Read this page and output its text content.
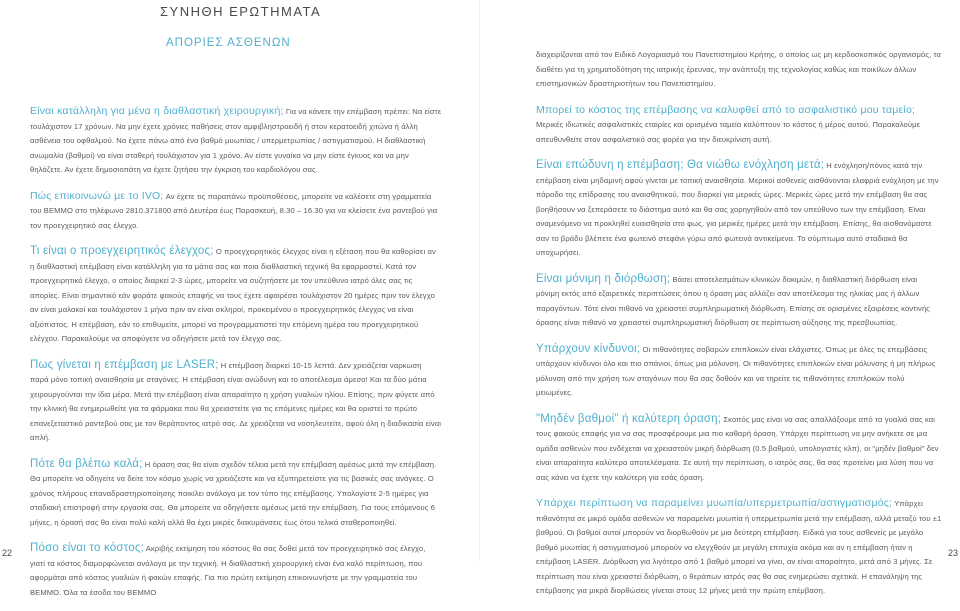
ΣΥΝΗΘΗ ΕΡΩΤΗΜΑΤΑ
ΑΠΟΡΙΕΣ ΑΣΘΕΝΩΝ

Είναι κατάλληλη για μένα η διαθλαστική χειρουργική; Για να κάνετε την επέμβαση πρέπει: Να είστε τουλάχιστον 17 χρόνων. Να μην έχετε χρόνιες παθήσεις στον αμφιβληστροειδή ή στον κερατοειδή χιτώνα ή άλλη ασθένεια του οφθαλμού. Να έχετε πάνω από ένα βαθμό μυωπίας / υπερμετρωπίας / αστιγματισμού. Η διαθλαστική ανωμαλία (βαθμοί) να είναι σταθερή τουλάχιστον για 1 χρόνο. Αν είστε γυναίκα να μην είστε έγκυος και να μην θηλάζετε. Αν έχετε δημοσιοπάτη να έχετε ζητήσει την έγκριση του καρδιολόγου σας.

Πώς επικοινωνώ με το IVO; Αν έχετε τις παραπάνω προϋποθέσεις, μπορείτε να καλέσετε στη γραμματεία του ΒΕΜΜΟ στο τηλέφωνο 2810.371800 από Δευτέρα έως Παρασκευή, 8.30 – 16.30 για να κλείσετε ένα ραντεβού για τον προεγχειρητικό σας έλεγχο.

Τι είναι ο προεγχειρητικός έλεγχος; Ο προεγχειρητικός έλεγχος είναι η εξέταση που θα καθορίσει αν η διαθλαστική επέμβαση είναι κατάλληλη για τα μάτια σας και ποια διαθλαστική τεχνική θα εφαρμοστεί. Κατά τον προεγχειρητικό έλεγχο, ο οποίος διαρκεί 2-3 ώρες, μπορείτε να συζητήσετε με τον υπεύθυνο ιατρό όλες σας τις απορίες. Είναι σημαντικό εάν φοράτε φακούς επαφής να τους έχετε αφαιρέσει τουλάχιστον 20 ημέρες πριν τον έλεγχο αν είναι μαλακοί και τουλάχιστον 1 μήνα πριν αν είναι σκληροί, προκειμένου ο προεγχειρητικός έλεγχος να είναι αξιόπιστος. Η επέμβαση, εάν το επιθυμείτε, μπορεί να προγραμματιστεί την επόμενη ημέρα του προεγχειρητικού ελέγχου. Παρακαλούμε να αποφύγετε να οδηγήσετε μετά τον έλεγχο σας.

Πως γίνεται η επέμβαση με LASER; Η επέμβαση διαρκεί 10-15 λεπτά. Δεν χρειάζεται ναρκωση παρά μόνο τοπική αναισθησία με σταγόνες. Η επέμβαση είναι ανώδυνη και το αποτέλεσμα άμεσο! Και τα δύο μάτια χειρουργούνται την ίδια μέρα. Μετά την επέμβαση είναι απαραίτητο η χρήση γυαλιών ηλίου. Επίσης, πριν φύγετε από την κλινική θα ενημερωθείτε για τα φάρμακα που θα χρειαστείτε για τις επόμενες ημέρες και θα οριστεί το πρώτο επανεξεταστικό ραντεβού σας με τον θεράποντος ιατρό σας. Δε χρειάζεται να νοσηλευτείτε, αφού όλη η διαδικασία είναι απλή.

Πότε θα βλέπω καλά; Η όραση σας θα είναι σχεδόν τέλεια μετά την επέμβαση αμέσως μετά την επέμβαση. Θα μπορείτε να οδηγείτε να δείτε τον κόσμο χωρίς να χρειάζεστε και να εξυπηρετείστε για τις βασικές σας ανάγκες. Ο χρόνος πλήρους επαναδραστηριοποίησης ποικίλει ανάλογα με τον τύπο της επέμβασης. Υπολογίστε 2-5 ημέρες για σταδιακή επιστροφή στην εργασία σας. Θα μπορείτε να οδηγήσετε αμέσως μετά την επέμβαση. Για τους επόμενους 6 μήνες, η όρασή σας θα είναι πολύ καλή αλλά θα έχει μικρές διακυμάνσεις έως ότου τελικά σταθεροποιηθεί.

Πόσο είναι το κόστος; Ακριβής εκτίμηση του κόστους θα σας δοθεί μετά τον προεγχειρητικό σας έλεγχο, γιατί τα κόστος διαμορφώνεται ανάλογα με την τεχνική. Η διαθλαστική χειρουργική είναι ένα καλό περίπτωση, που αφορμάται από κόστος γυαλιών ή φακών επαφής. Για πιο πρώτη εκτίμηση επικοινωνήστε με την γραμματεία του ΒΕΜΜΟ. Όλα τα έσοδα του ΒΕΜΜΟ

22

διαχειρίζονται από τον Ειδικό Λογαριασμό του Πανεπιστημίου Κρήτης, ο οποίος ως μη κερδοσκοπικός οργανισμός, τα διαθέτει για τη χρηματοδότηση της ιατρικής έρευνας, την ανάπτυξη της τεχνολογίας καθώς και ποικίλων άλλων επιστημονικών δραστηριοτήτων του Πανεπιστημίου.

Μπορεί το κόστος της επέμβασης να καλυφθεί από το ασφαλιστικό μου ταμείο; Μερικές ιδιωτικές ασφαλιστικές εταιρίες και ορισμένα ταμεία καλύπτουν το κόστος ή μέρος αυτού. Παρακαλούμε απευθυνθείτε στον ασφαλιστικό σας φορέα για την διευκρίνιση αυτή.

Είναι επώδυνη η επέμβαση; Θα νιώθω ενόχληση μετά; Η ενόχληση/πόνος κατά την επέμβαση είναι μηδαμινή αφού γίνεται με τοπική αναισθησία. Μερικοί ασθενείς αισθάνονται ελαφριά ενόχληση με την πάροδο της επίδρασης του αναισθητικού, που διαρκεί για μερικές ώρες. Μερικές ώρες μετά την επέμβαση θα σας βοηθήσουν να ξεπεράσετε το διάστημα αυτό και θα σας χορηγηθούν από τον υπεύθυνο των την επέμβαση. Είναι αναμενόμενο να προκληθεί ευαισθησία στο φως, για μερικές ημέρες μετά την επέμβαση. Επίσης, θα αισθανόμαστε σαν το βράδυ βλέπετε ένα φωτεινό στεφάνι γύρω από φωτεινά αντικείμενα. Το σύμπτωμα αυτό σταδιακά θα υποχωρήσει.

Είναι μόνιμη η διόρθωση; Βάσει αποτελεσμάτων κλινικών δοκιμών, η διαθλαστική διόρθωση είναι μόνιμη εκτός από εξαιρετικές περιπτώσεις όπου η όραση μας αλλάζει σαν αποτέλεσμα της ηλικίας μας ή άλλων παραγόντων. Τότε είναι πιθανό να χρειαστεί συμπληρωματική διόρθωση. Επίσης σε ορισμένες εξαιρέσεις κοντινής όρασης είναι πιθανό να χρειαστεί συμπληρωματική διόρθωση σε περίπτωση αύξησης της πρεσβυωπίας.

Υπάρχουν κίνδυνοι; Οι πιθανότητες σοβαρών επιπλοκών είναι ελάχιστες. Όπως με όλες τις επεμβάσεις υπάρχουν κίνδυνοι όλο και πιο σπάνιοι, όπως μια μόλυνση. Οι πιθανότητες επιπλοκών είναι μόλυνσης ή μη πλήρως μόλυνση από την χρήση των σταγόνων που θα σας δοθούν και να τηρείτε τις πιθανότητες επιπλοκών πολύ μειωμένες.

"Μηδέν βαθμοί" ή καλύτερη όραση; Σκοπός μας είναι να σας απαλλάξουμε από τα γυαλιά σας και τους φακούς επαφής για να σας προσφέρουμε μια πιο καθαρή όραση. Υπάρχει περίπτωση να μην ανήκετε σε μια ομάδα ασθενών που ενδέχεται να χρειαστούν μικρή διόρθωση (0.5 βαθμού, υπολογιστές κλπ), οι "μηδέν βαθμοί" δεν είναι απαραίτητα καλύτερα αποτελέσματα. Σε αυτή την περίπτωση, ο ιατρός σας, θα σας προτείνει μια λύση που να σας κάνει να έχετε την καλύτερη για εσάς όραση.

Υπάρχει περίπτωση να παραμείνει μυωπία/υπερμετρωπία/αστιγματισμός; Υπάρχει πιθανότητα σε μικρό ομάδα ασθενών να παραμείνει μυωπία ή υπερμετρωπία μετά την επέμβαση, αλλά μεταξύ του ±1 βαθμού. Οι βαθμοί αυτοί μπορούν να διορθωθούν με μια δεύτερη επέμβαση. Ειδικά για τους ασθενείς με μεγάλο βαθμό μυωπίας ή αστιγματισμού μπορούν να ελεγχθούν με μεγάλη επιτυχία ακόμα και αν η επέμβαση ήταν η επέμβαση LASER. Διόρθωση για λιγότερο από 1 βαθμό μπορεί να γίνει, αν είναι απαραίτητο, μετά από 3 μήνες. Σε περίπτωση που είναι χρειαστεί διόρθωση, ο θεράπων ιατρός σας θα σας ενημερώσει σχετικά. Η επανάληψη της επέμβασης για μικρά διορθώσεις γίνεται στους 12 μήνες μετά την πρώτη επέμβαση.

23
